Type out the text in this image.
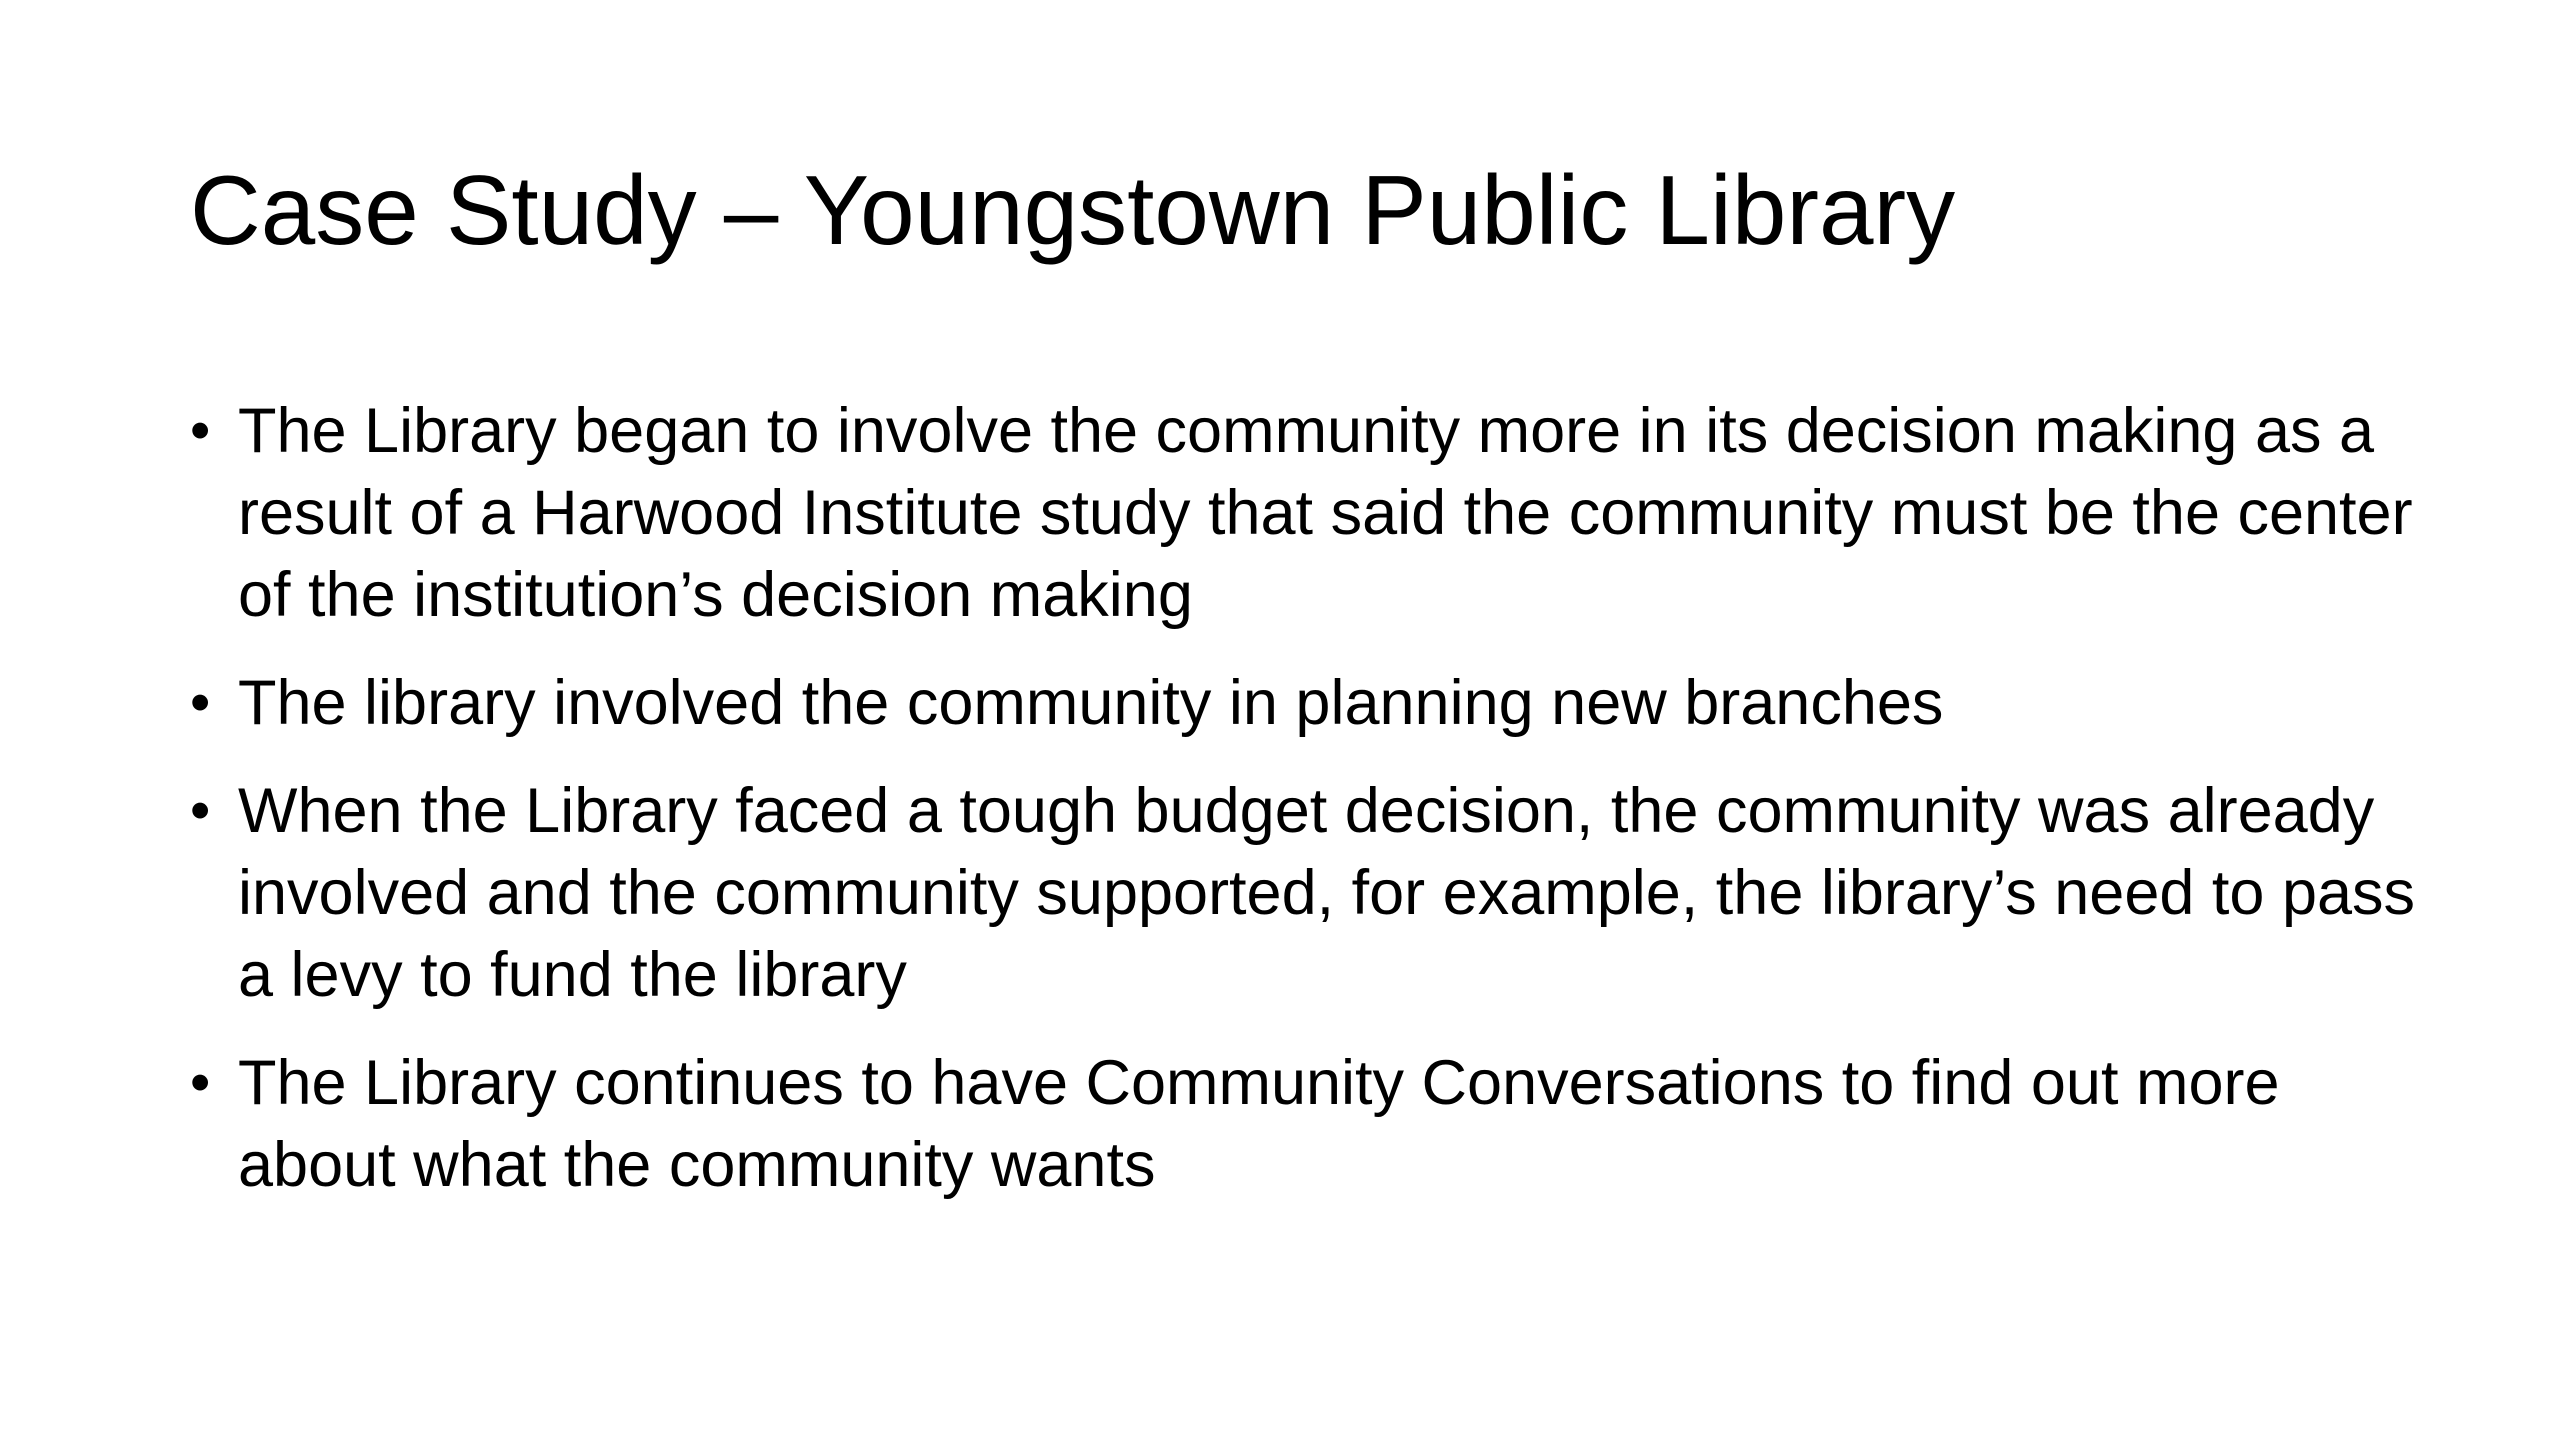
Case Study – Youngstown Public Library
• The Library began to involve the community more in its decision making as a result of a Harwood Institute study that said the community must be the center of the institution’s decision making
• The library involved the community in planning new branches
• When the Library faced a tough budget decision, the community was already involved and the community supported, for example, the library’s need to pass a levy to fund the library
• The Library continues to have Community Conversations to find out more about what the community wants
